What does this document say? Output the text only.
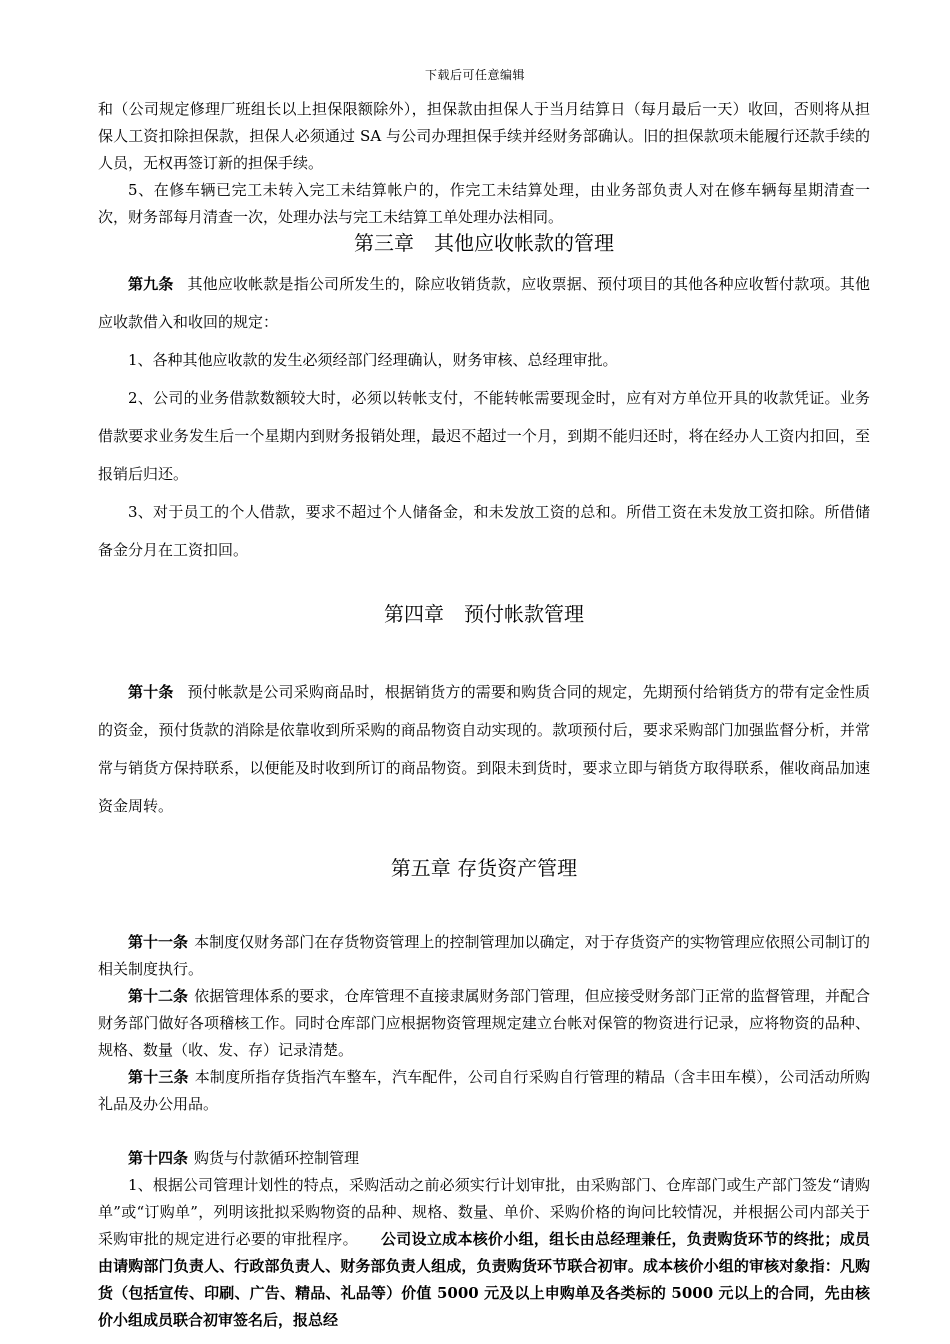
下载后可任意编辑

和（公司规定修理厂班组长以上担保限额除外），担保款由担保人于当月结算日（每月最后一天）收回，否则将从担保人工资扣除担保款，担保人必须通过 SA 与公司办理担保手续并经财务部确认。旧的担保款项未能履行还款手续的人员，无权再签订新的担保手续。

5、在修车辆已完工未转入完工未结算帐户的，作完工未结算处理，由业务部负责人对在修车辆每星期清查一次，财务部每月清查一次，处理办法与完工未结算工单处理办法相同。

第三章　其他应收帐款的管理

第九条 其他应收帐款是指公司所发生的，除应收销货款，应收票据、预付项目的其他各种应收暂付款项。其他应收款借入和收回的规定：

1、各种其他应收款的发生必须经部门经理确认，财务审核、总经理审批。

2、公司的业务借款数额较大时，必须以转帐支付，不能转帐需要现金时，应有对方单位开具的收款凭证。业务借款要求业务发生后一个星期内到财务报销处理，最迟不超过一个月，到期不能归还时，将在经办人工资内扣回，至报销后归还。

3、对于员工的个人借款，要求不超过个人储备金，和未发放工资的总和。所借工资在未发放工资扣除。所借储备金分月在工资扣回。

第四章　预付帐款管理

第十条 预付帐款是公司采购商品时，根据销货方的需要和购货合同的规定，先期预付给销货方的带有定金性质的资金，预付货款的消除是依靠收到所采购的商品物资自动实现的。款项预付后，要求采购部门加强监督分析，并常常与销货方保持联系，以便能及时收到所订的商品物资。到限未到货时，要求立即与销货方取得联系，催收商品加速资金周转。

第五章 存货资产管理

第十一条 本制度仅财务部门在存货物资管理上的控制管理加以确定，对于存货资产的实物管理应依照公司制订的相关制度执行。

第十二条 依据管理体系的要求，仓库管理不直接隶属财务部门管理，但应接受财务部门正常的监督管理，并配合财务部门做好各项稽核工作。同时仓库部门应根据物资管理规定建立台帐对保管的物资进行记录，应将物资的品种、规格、数量（收、发、存）记录清楚。

第十三条 本制度所指存货指汽车整车，汽车配件，公司自行采购自行管理的精品（含丰田车模），公司活动所购礼品及办公用品。

第十四条 购货与付款循环控制管理

1、根据公司管理计划性的特点，采购活动之前必须实行计划审批，由采购部门、仓库部门或生产部门签发“请购单”或“订购单”，列明该批拟采购物资的品种、规格、数量、单价、采购价格的询问比较情况，并根据公司内部关于采购审批的规定进行必要的审批程序。　　 公司设立成本核价小组，组长由总经理兼任，负责购货环节的终批；成员由请购部门负责人、行政部负责人、财务部负责人组成，负责购货环节联合初审。成本核价小组的审核对象指：凡购货（包括宣传、印刷、广告、精品、礼品等）价值 5000 元及以上申购单及各类标的 5000 元以上的合同，先由核价小组成员联合初审签名后，报总经
